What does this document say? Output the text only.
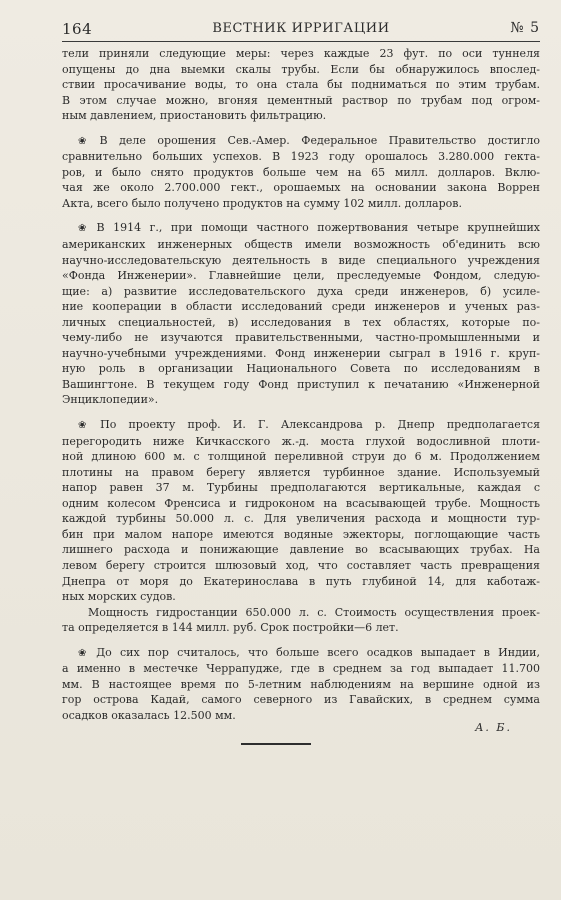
164	ВЕСТНИК ИРРИГАЦИИ	№ 5

тели приняли следующие меры: через каждые 23 фут. по оси туннеля
опущены до дна выемки скалы трубы. Если бы обнаружилось впослед-
ствии просачивание воды, то она стала бы подниматься по этим трубам.
В этом случае можно, вгоняя цементный раствор по трубам под огром-
ным давлением, приостановить фильтрацию.

❀ В деле орошения Сев.-Амер. Федеральное Правительство достигло
сравнительно больших успехов. В 1923 году орошалось 3.280.000 гекта-
ров, и было снято продуктов больше чем на 65 милл. долларов. Вклю-
чая же около 2.700.000 гект., орошаемых на основании закона Воррен
Акта, всего было получено продуктов на сумму 102 милл. долларов.

❀ В 1914 г., при помощи частного пожертвования четыре крупнейших
американских инженерных обществ имели возможность об'единить всю
научно-исследовательскую деятельность в виде специального учреждения
«Фонда Инженерии». Главнейшие цели, преследуемые Фондом, следую-
щие: а) развитие исследовательского духа среди инженеров, б) усиле-
ние кооперации в области исследований среди инженеров и ученых раз-
личных специальностей, в) исследования в тех областях, которые по-
чему-либо не изучаются правительственными, частно-промышленными и
научно-учебными учреждениями. Фонд инженерии сыграл в 1916 г. круп-
ную роль в организации Национального Совета по исследованиям в
Вашингтоне. В текущем году Фонд приступил к печатанию «Инженерной
Энциклопедии».

❀ По проекту проф. И. Г. Александрова р. Днепр предполагается
перегородить ниже Кичкасского ж.-д. моста глухой водосливной плоти-
ной длиною 600 м. с толщиной переливной струи до 6 м. Продолжением
плотины на правом берегу является турбинное здание. Используемый
напор равен 37 м. Турбины предполагаются вертикальные, каждая с
одним колесом Френсиса и гидроконом на всасывающей трубе. Мощность
каждой турбины 50.000 л. с. Для увеличения расхода и мощности тур-
бин при малом напоре имеются водяные эжекторы, поглощающие часть
лишнего расхода и понижающие давление во всасывающих трубах. На
левом берегу строится шлюзовый ход, что составляет часть превращения
Днепра от моря до Екатеринослава в путь глубиной 14, для каботаж-
ных морских судов.

Мощность гидростанции 650.000 л. с. Стоимость осуществления проек-
та определяется в 144 милл. руб. Срок постройки—6 лет.

❀ До сих пор считалось, что больше всего осадков выпадает в Индии,
а именно в местечке Черрапудже, где в среднем за год выпадает 11.700
мм. В настоящее время по 5-летним наблюдениям на вершине одной из
гор острова Кадай, самого северного из Гавайских, в среднем сумма
осадков оказалась 12.500 мм.

А. Б.
